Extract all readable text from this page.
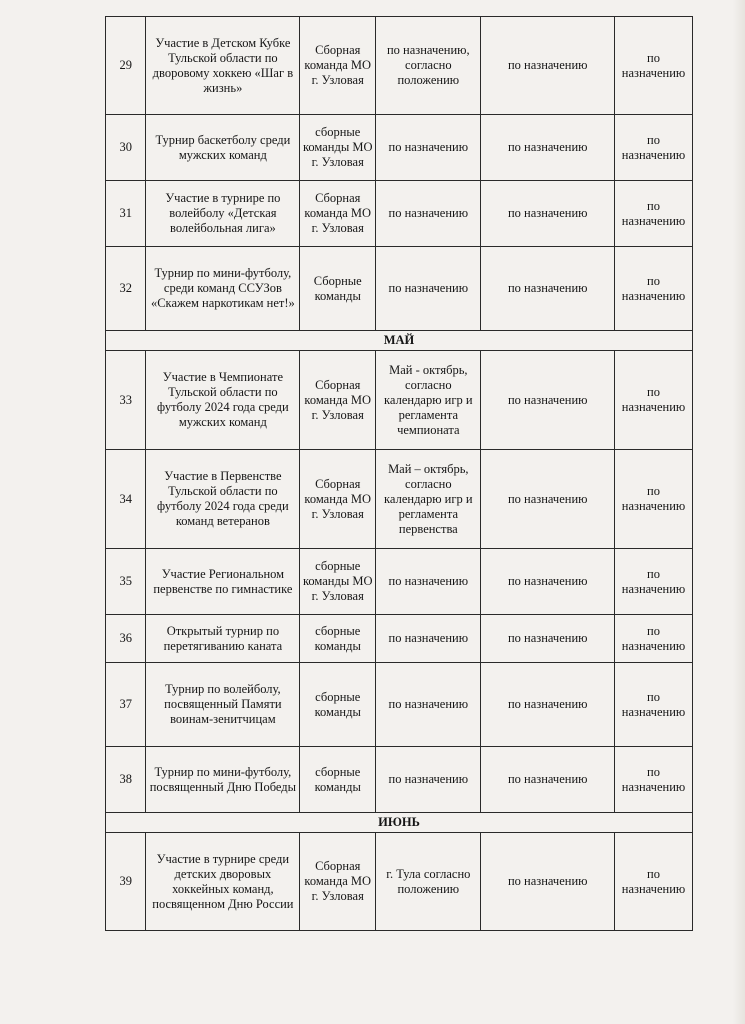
29	Участие в Детском Кубке Тульской области по дворовому хоккею «Шаг в жизнь»	Сборная команда МО г. Узловая	по назначению, согласно положению	по назначению	по назначению
30	Турнир баскетболу среди мужских команд	сборные команды МО г. Узловая	по назначению	по назначению	по назначению
31	Участие в турнире по волейболу «Детская волейбольная лига»	Сборная команда МО г. Узловая	по назначению	по назначению	по назначению
32	Турнир по мини-футболу, среди команд ССУЗов «Скажем наркотикам нет!»	Сборные команды	по назначению	по назначению	по назначению
МАЙ					
33	Участие в Чемпионате Тульской области по футболу 2024 года среди мужских команд	Сборная команда МО г. Узловая	Май - октябрь, согласно календарю игр и регламента чемпионата	по назначению	по назначению
34	Участие в Первенстве Тульской области по футболу 2024 года среди команд ветеранов	Сборная команда МО г. Узловая	Май – октябрь, согласно календарю игр и регламента первенства	по назначению	по назначению
35	Участие Региональном первенстве по гимнастике	сборные команды МО г. Узловая	по назначению	по назначению	по назначению
36	Открытый турнир по перетягиванию каната	сборные команды	по назначению	по назначению	по назначению
37	Турнир по волейболу, посвященный Памяти воинам-зенитчицам	сборные команды	по назначению	по назначению	по назначению
38	Турнир по мини-футболу, посвященный Дню Победы	сборные команды	по назначению	по назначению	по назначению
ИЮНЬ					
39	Участие в турнире среди детских дворовых хоккейных команд, посвященном Дню России	Сборная команда МО г. Узловая	г. Тула согласно положению	по назначению	по назначению
